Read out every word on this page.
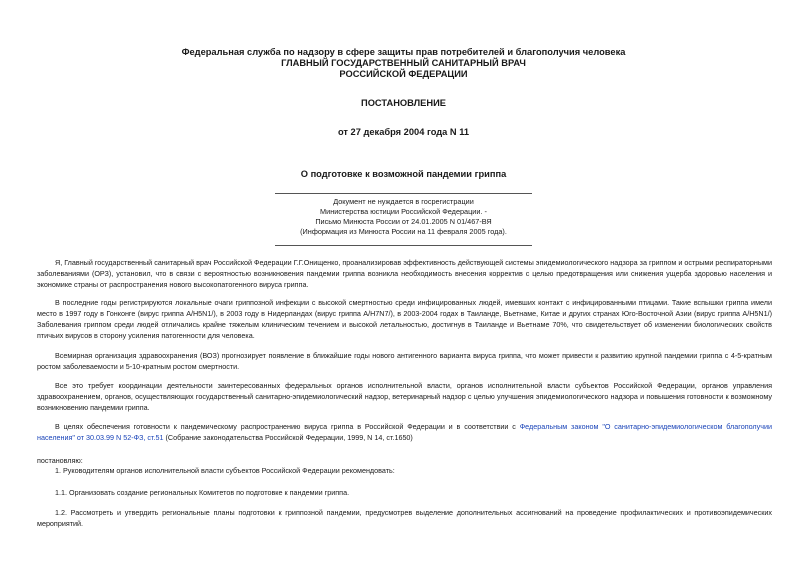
Федеральная служба по надзору в сфере защиты прав потребителей и благополучия человека
ГЛАВНЫЙ ГОСУДАРСТВЕННЫЙ САНИТАРНЫЙ ВРАЧ
РОССИЙСКОЙ ФЕДЕРАЦИИ
ПОСТАНОВЛЕНИЕ
от 27 декабря 2004 года N 11
О подготовке к возможной пандемии гриппа
Документ не нуждается в госрегистрации
Министерства юстиции Российской Федерации. -
Письмо Минюста России от 24.01.2005 N 01/467-ВЯ
(Информация из Минюста России на 11 февраля 2005 года).
Я, Главный государственный санитарный врач Российской Федерации Г.Г.Онищенко, проанализировав эффективность действующей системы эпидемиологического надзора за гриппом и острыми респираторными заболеваниями (ОРЗ), установил, что в связи с вероятностью возникновения пандемии гриппа возникла необходимость внесения корректив с целью предотвращения или снижения ущерба здоровью населения и экономике страны от распространения нового высокопатогенного вируса гриппа.
В последние годы регистрируются локальные очаги гриппозной инфекции с высокой смертностью среди инфицированных людей, имевших контакт с инфицированными птицами. Такие вспышки гриппа имели место в 1997 году в Гонконге (вирус гриппа А/H5N1/), в 2003 году в Нидерландах (вирус гриппа А/H7N7/), в 2003-2004 годах в Таиланде, Вьетнаме, Китае и других странах Юго-Восточной Азии (вирус гриппа А/H5N1/) Заболевания гриппом среди людей отличались крайне тяжелым клиническим течением и высокой летальностью, достигнув в Таиланде и Вьетнаме 70%, что свидетельствует об изменении биологических свойств птичьих вирусов в сторону усиления патогенности для человека.
Всемирная организация здравоохранения (ВОЗ) прогнозирует появление в ближайшие годы нового антигенного варианта вируса гриппа, что может привести к развитию крупной пандемии гриппа с 4-5-кратным ростом заболеваемости и 5-10-кратным ростом смертности.
Все это требует координации деятельности заинтересованных федеральных органов исполнительной власти, органов исполнительной власти субъектов Российской Федерации, органов управления здравоохранением, органов, осуществляющих государственный санитарно-эпидемиологический надзор, ветеринарный надзор с целью улучшения эпидемиологического надзора и повышения готовности к возможному возникновению пандемии гриппа.
В целях обеспечения готовности к пандемическому распространению вируса гриппа в Российской Федерации и в соответствии с Федеральным законом "О санитарно-эпидемиологическом благополучии населения" от 30.03.99 N 52-ФЗ, ст.51 (Собрание законодательства Российской Федерации, 1999, N 14, ст.1650)
постановляю:
1. Руководителям органов исполнительной власти субъектов Российской Федерации рекомендовать:
1.1. Организовать создание региональных Комитетов по подготовке к пандемии гриппа.
1.2. Рассмотреть и утвердить региональные планы подготовки к гриппозной пандемии, предусмотрев выделение дополнительных ассигнований на проведение профилактических и противоэпидемических мероприятий.
